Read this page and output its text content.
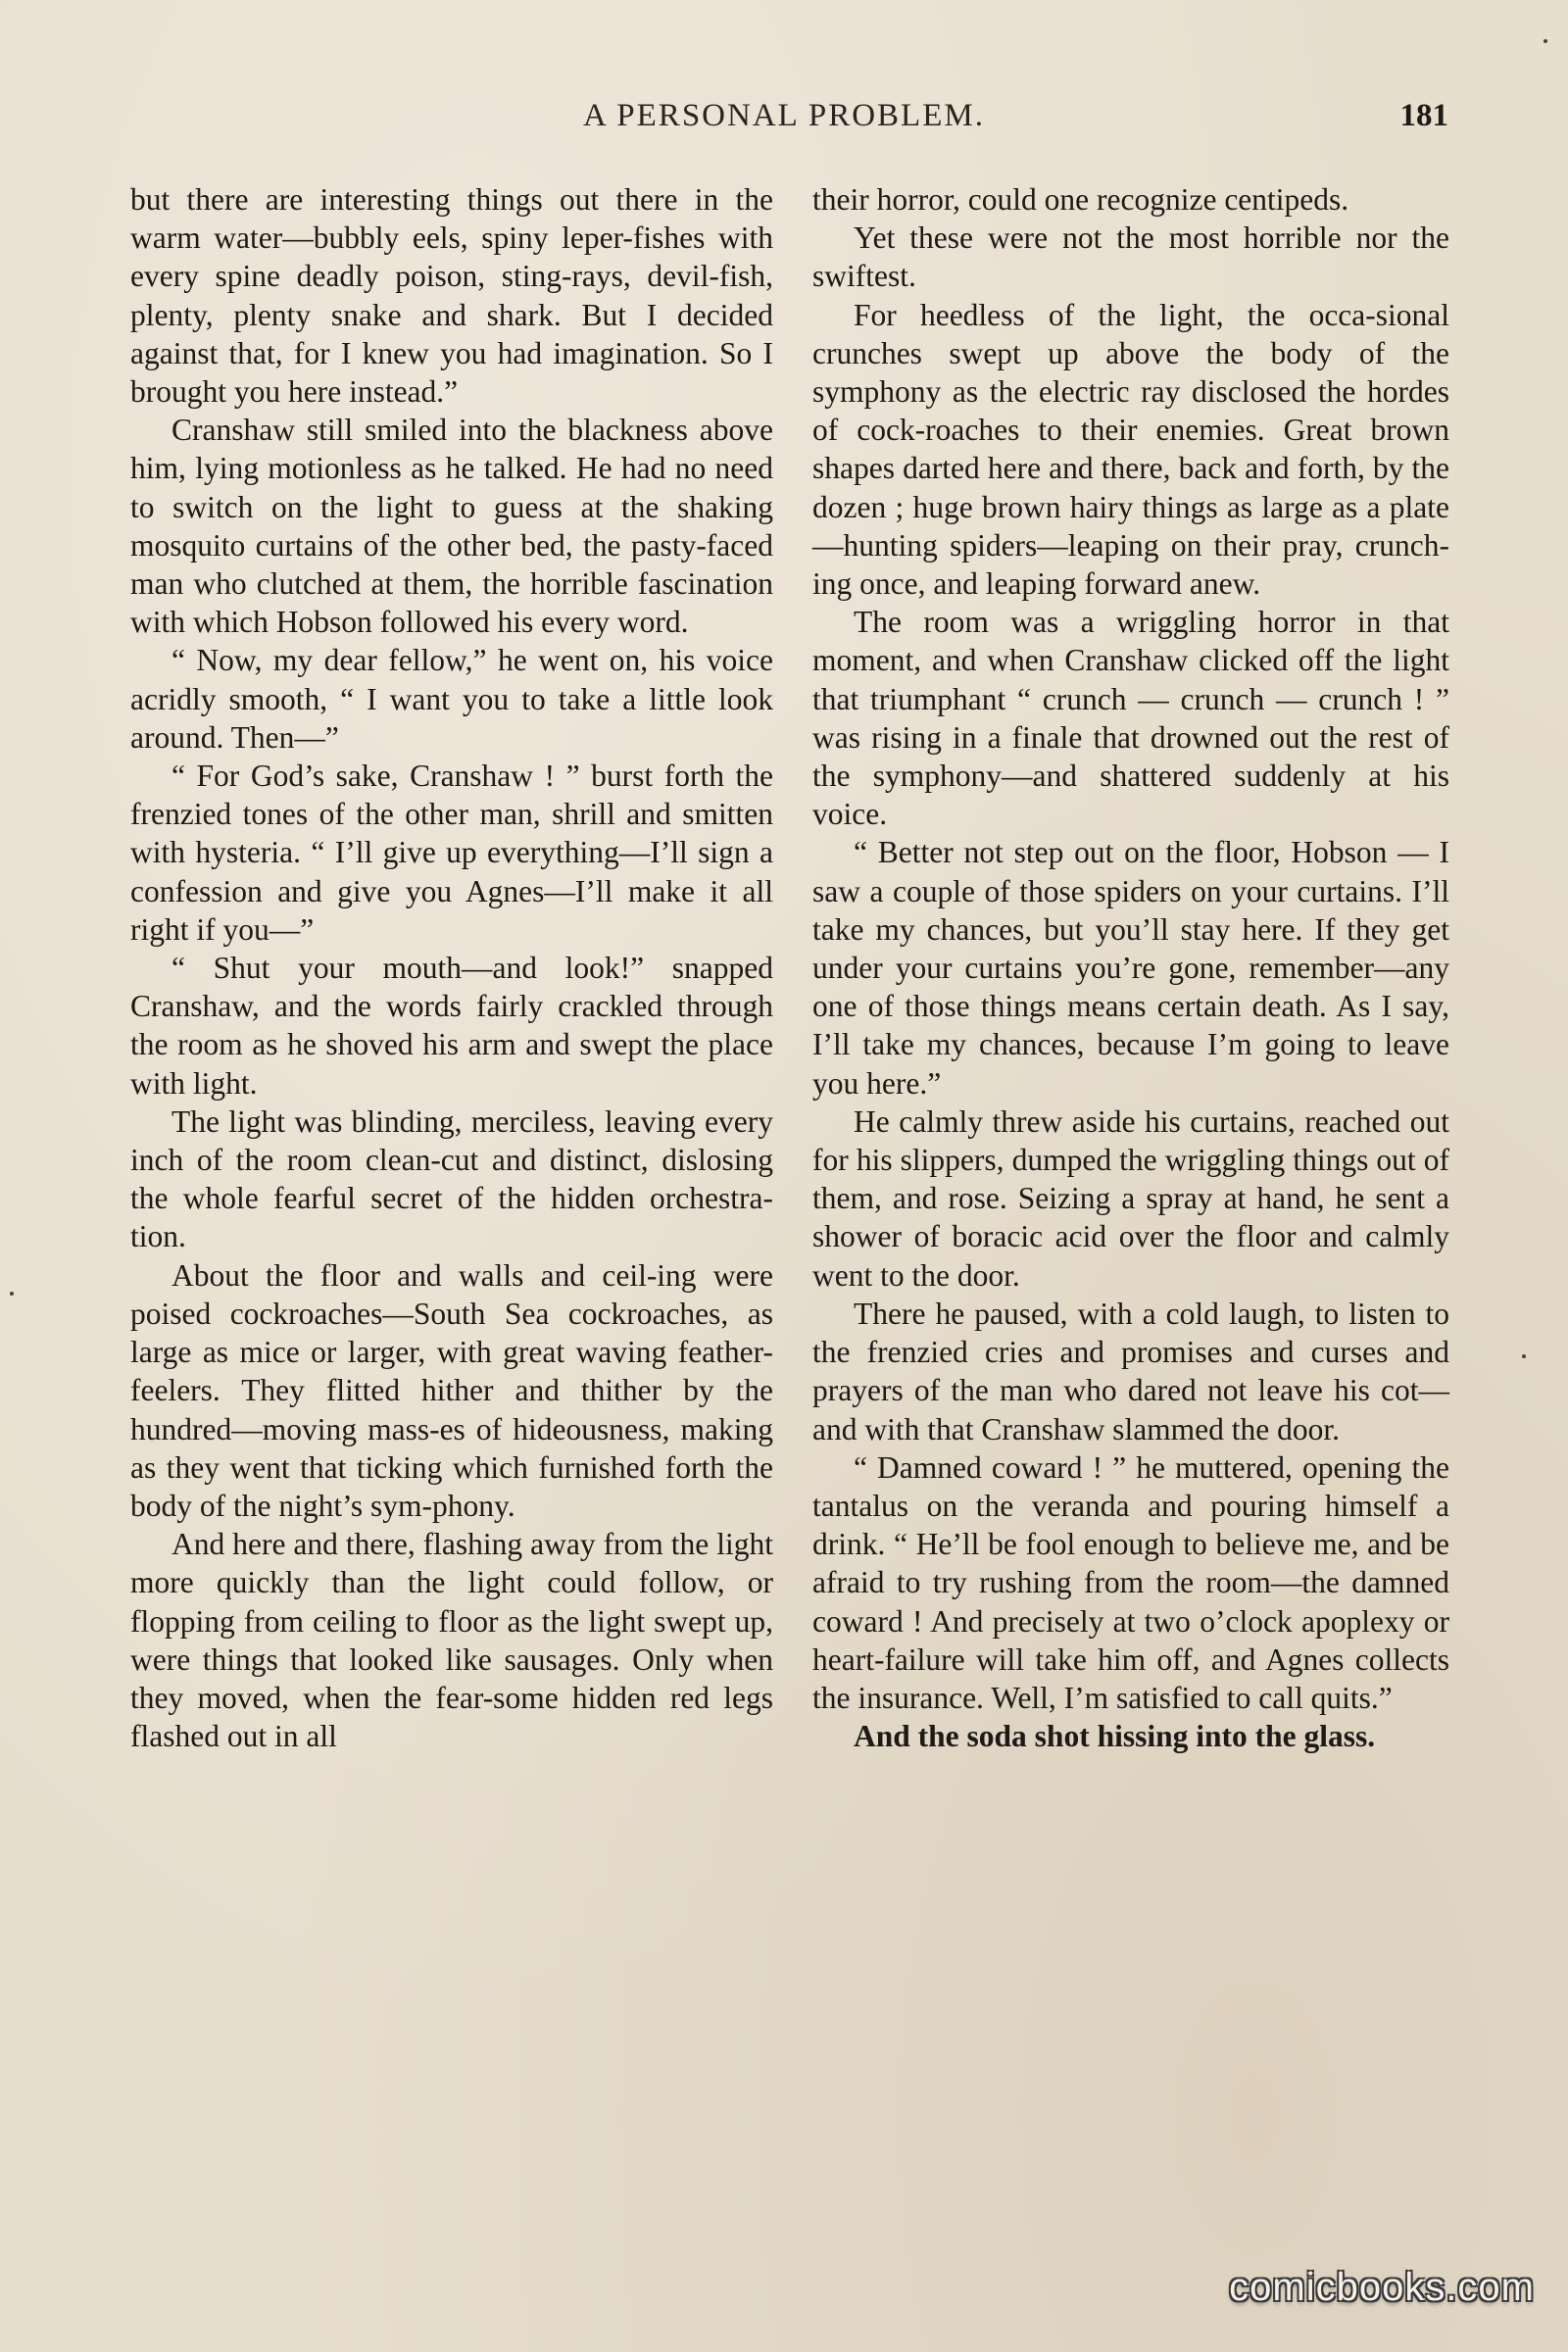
A PERSONAL PROBLEM.	181

but there are interesting things out there in the warm water—bubbly eels, spiny leper-fishes with every spine deadly poison, sting-rays, devil-fish, plenty, plenty snake and shark. But I decided against that, for I knew you had imagination. So I brought you here instead.”

Cranshaw still smiled into the blackness above him, lying motionless as he talked. He had no need to switch on the light to guess at the shaking mosquito curtains of the other bed, the pasty-faced man who clutched at them, the horrible fascination with which Hobson followed his every word.

“ Now, my dear fellow,” he went on, his voice acridly smooth, “ I want you to take a little look around. Then—”

“ For God’s sake, Cranshaw ! ” burst forth the frenzied tones of the other man, shrill and smitten with hysteria. “ I’ll give up everything—I’ll sign a confession and give you Agnes—I’ll make it all right if you—”

“ Shut your mouth—and look!” snapped Cranshaw, and the words fairly crackled through the room as he shoved his arm and swept the place with light.

The light was blinding, merciless, leaving every inch of the room clean-cut and distinct, dislosing the whole fearful secret of the hidden orchestra-tion.

About the floor and walls and ceil-ing were poised cockroaches—South Sea cockroaches, as large as mice or larger, with great waving feather-feelers. They flitted hither and thither by the hundred—moving mass-es of hideousness, making as they went that ticking which furnished forth the body of the night’s sym-phony.

And here and there, flashing away from the light more quickly than the light could follow, or flopping from ceiling to floor as the light swept up, were things that looked like sausages. Only when they moved, when the fear-some hidden red legs flashed out in all

their horror, could one recognize centipeds.

Yet these were not the most horrible nor the swiftest.

For heedless of the light, the occa-sional crunches swept up above the body of the symphony as the electric ray disclosed the hordes of cock-roaches to their enemies. Great brown shapes darted here and there, back and forth, by the dozen ; huge brown hairy things as large as a plate—hunting spiders—leaping on their pray, crunch-ing once, and leaping forward anew.

The room was a wriggling horror in that moment, and when Cranshaw clicked off the light that triumphant “ crunch — crunch — crunch ! ” was rising in a finale that drowned out the rest of the symphony—and shattered suddenly at his voice.

“ Better not step out on the floor, Hobson — I saw a couple of those spiders on your curtains. I’ll take my chances, but you’ll stay here. If they get under your curtains you’re gone, remember—any one of those things means certain death. As I say, I’ll take my chances, because I’m going to leave you here.”

He calmly threw aside his curtains, reached out for his slippers, dumped the wriggling things out of them, and rose. Seizing a spray at hand, he sent a shower of boracic acid over the floor and calmly went to the door.

There he paused, with a cold laugh, to listen to the frenzied cries and promises and curses and prayers of the man who dared not leave his cot—and with that Cranshaw slammed the door.

“ Damned coward ! ” he muttered, opening the tantalus on the veranda and pouring himself a drink. “ He’ll be fool enough to believe me, and be afraid to try rushing from the room—the damned coward ! And precisely at two o’clock apoplexy or heart-failure will take him off, and Agnes collects the insurance. Well, I’m satisfied to call quits.”

And the soda shot hissing into the glass.

comicbooks.com
